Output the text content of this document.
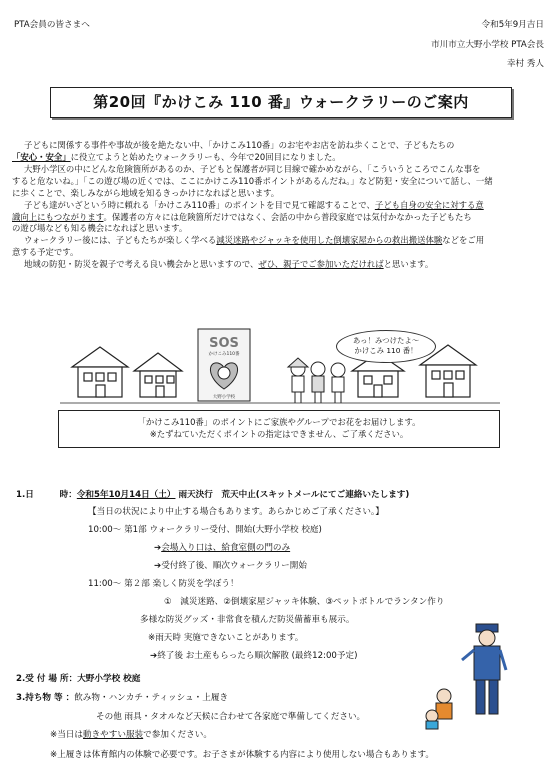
PTA会員の皆さまへ	令和5年9月吉日
市川市立大野小学校 PTA会長
幸村 秀人
第20回『かけこみ 110 番』ウォークラリーのご案内

子どもに関係する事件や事故が後を絶たない中、「かけこみ110番」のお宅やお店を訪ね歩くことで、子どもたちの

「安心・安全」に役立てようと始めたウォークラリーも、今年で20回目になりました。

大野小学区の中にどんな危険箇所があるのか、子どもと保護者が同じ目線で確かめながら、「こういうところでこんな事を

すると危ないね。」「この遊び場の近くでは、ここにかけこみ110番ポイントがあるんだね。」など防犯・安全について話し、一緒

に歩くことで、楽しみながら地域を知るきっかけになればと思います。

子ども達がいざという時に頼れる「かけこみ110番」のポイントを目で見て確認することで、子ども自身の安全に対する意

識向上にもつながります。保護者の方々には危険箇所だけではなく、会話の中から普段家庭では気付かなかった子どもたち

の遊び場なども知る機会になればと思います。

ウォークラリー後には、子どもたちが楽しく学べる減災迷路やジャッキを使用した倒壊家屋からの救出搬送体験などをご用

意する予定です。

地域の防犯・防災を親子で考える良い機会かと思いますので、ぜひ、親子でご参加いただければと思います。

SOS
かけこみ110番
大野小学校
あっ！みつけたよ～
かけこみ 110 番！
「かけこみ110番」のポイントにご家族やグループでお花をお届けします。
※たずねていただくポイントの指定はできません、ご了承ください。
1.日　　　時：令和5年10月14日（土） 雨天決行　荒天中止(スキットメールにてご連絡いたします)
【当日の状況により中止する場合もあります。あらかじめご了承ください。】
10:00～ 第1部 ウォークラリー受付、開始(大野小学校 校庭)
➔会場入り口は、給食室側の門のみ
➔受付終了後、順次ウォークラリー開始
11:00～ 第２部 楽しく防災を学ぼう！
①　減災迷路、②倒壊家屋ジャッキ体験、③ペットボトルでランタン作り
多様な防災グッズ・非常食を積んだ防災備蓄車も展示。
※雨天時 実施できないことがあります。
➔終了後 お土産もらったら順次解散 (最終12:00予定)
2.受 付 場 所：大野小学校 校庭
3.持ち物 等 ：飲み物・ハンカチ・ティッシュ・上履き
その他 雨具・タオルなど天候に合わせて各家庭で準備してください。
※当日は動きやすい服装で参加ください。
※上履きは体育館内の体験で必要です。お子さまが体験する内容により使用しない場合もあります。
